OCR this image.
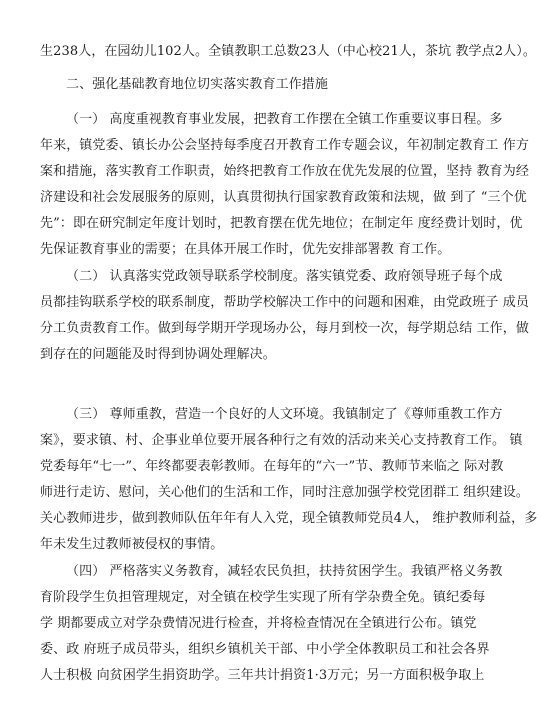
生238人，在园幼儿102人。全镇教职工总数23人（中心校21人，茶坑 教学点2人）。
二、强化基础教育地位切实落实教育工作措施
（一） 高度重视教育事业发展，把教育工作摆在全镇工作重要议事日程。多
年来，镇党委、镇长办公会坚持每季度召开教育工作专题会议，年初制定教育工 作方
案和措施，落实教育工作职责，始终把教育工作放在优先发展的位置，坚持 教育为经
济建设和社会发展服务的原则，认真贯彻执行国家教育政策和法规，做 到了 “三个优
先”：即在研究制定年度计划时，把教育摆在优先地位；在制定年 度经费计划时，优
先保证教育事业的需要；在具体开展工作时，优先安排部署教 育工作。
（二） 认真落实党政领导联系学校制度。落实镇党委、政府领导班子每个成
员都挂钩联系学校的联系制度，帮助学校解决工作中的问题和困难，由党政班子 成员
分工负责教育工作。做到每学期开学现场办公，每月到校一次，每学期总结 工作，做
到存在的问题能及时得到协调处理解决。
（三） 尊师重教，营造一个良好的人文环境。我镇制定了《尊师重教工作方
案》，要求镇、村、企事业单位要开展各种行之有效的活动来关心支持教育工作。 镇
党委每年“七一”、年终都要表彰教师。在每年的“六一”节、教师节来临之 际对教
师进行走访、慰问，关心他们的生活和工作，同时注意加强学校党团群工 组织建设。
关心教师进步，做到教师队伍年年有人入党，现全镇教师党员4人， 维护教师利益，多
年未发生过教师被侵权的事情。
（四） 严格落实义务教育，减轻农民负担，扶持贫困学生。我镇严格义务教
育阶段学生负担管理规定，对全镇在校学生实现了所有学杂费全免。镇纪委每
学 期都要成立对学杂费情况进行检查，并将检查情况在全镇进行公布。镇党
委、政 府班子成员带头，组织乡镇机关干部、中小学全体教职员工和社会各界
人士积极 向贫困学生捐资助学。三年共计捐资1·3万元；另一方面积极争取上
